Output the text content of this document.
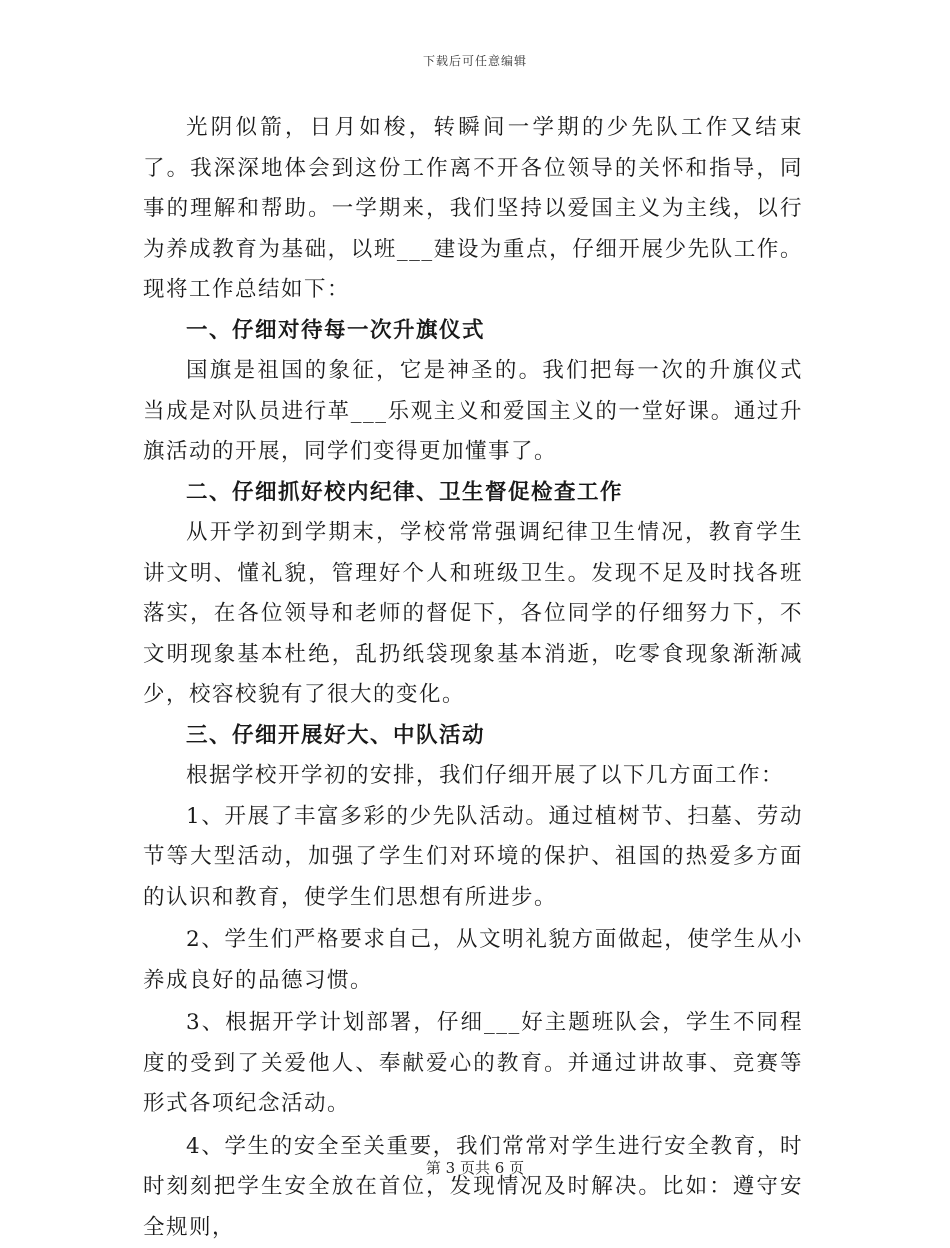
下载后可任意编辑

光阴似箭，日月如梭，转瞬间一学期的少先队工作又结束了。我深深地体会到这份工作离不开各位领导的关怀和指导，同事的理解和帮助。一学期来，我们坚持以爱国主义为主线，以行为养成教育为基础，以班___建设为重点，仔细开展少先队工作。现将工作总结如下：

一、仔细对待每一次升旗仪式

国旗是祖国的象征，它是神圣的。我们把每一次的升旗仪式当成是对队员进行革___乐观主义和爱国主义的一堂好课。通过升旗活动的开展，同学们变得更加懂事了。

二、仔细抓好校内纪律、卫生督促检查工作

从开学初到学期末，学校常常强调纪律卫生情况，教育学生讲文明、懂礼貌，管理好个人和班级卫生。发现不足及时找各班落实，在各位领导和老师的督促下，各位同学的仔细努力下，不文明现象基本杜绝，乱扔纸袋现象基本消逝，吃零食现象渐渐减少，校容校貌有了很大的变化。

三、仔细开展好大、中队活动

根据学校开学初的安排，我们仔细开展了以下几方面工作：

1、开展了丰富多彩的少先队活动。通过植树节、扫墓、劳动节等大型活动，加强了学生们对环境的保护、祖国的热爱多方面的认识和教育，使学生们思想有所进步。

2、学生们严格要求自己，从文明礼貌方面做起，使学生从小养成良好的品德习惯。

3、根据开学计划部署，仔细___好主题班队会，学生不同程度的受到了关爱他人、奉献爱心的教育。并通过讲故事、竞赛等形式各项纪念活动。

4、学生的安全至关重要，我们常常对学生进行安全教育，时时刻刻把学生安全放在首位，发现情况及时解决。比如：遵守安全规则，

第 3 页共 6 页
